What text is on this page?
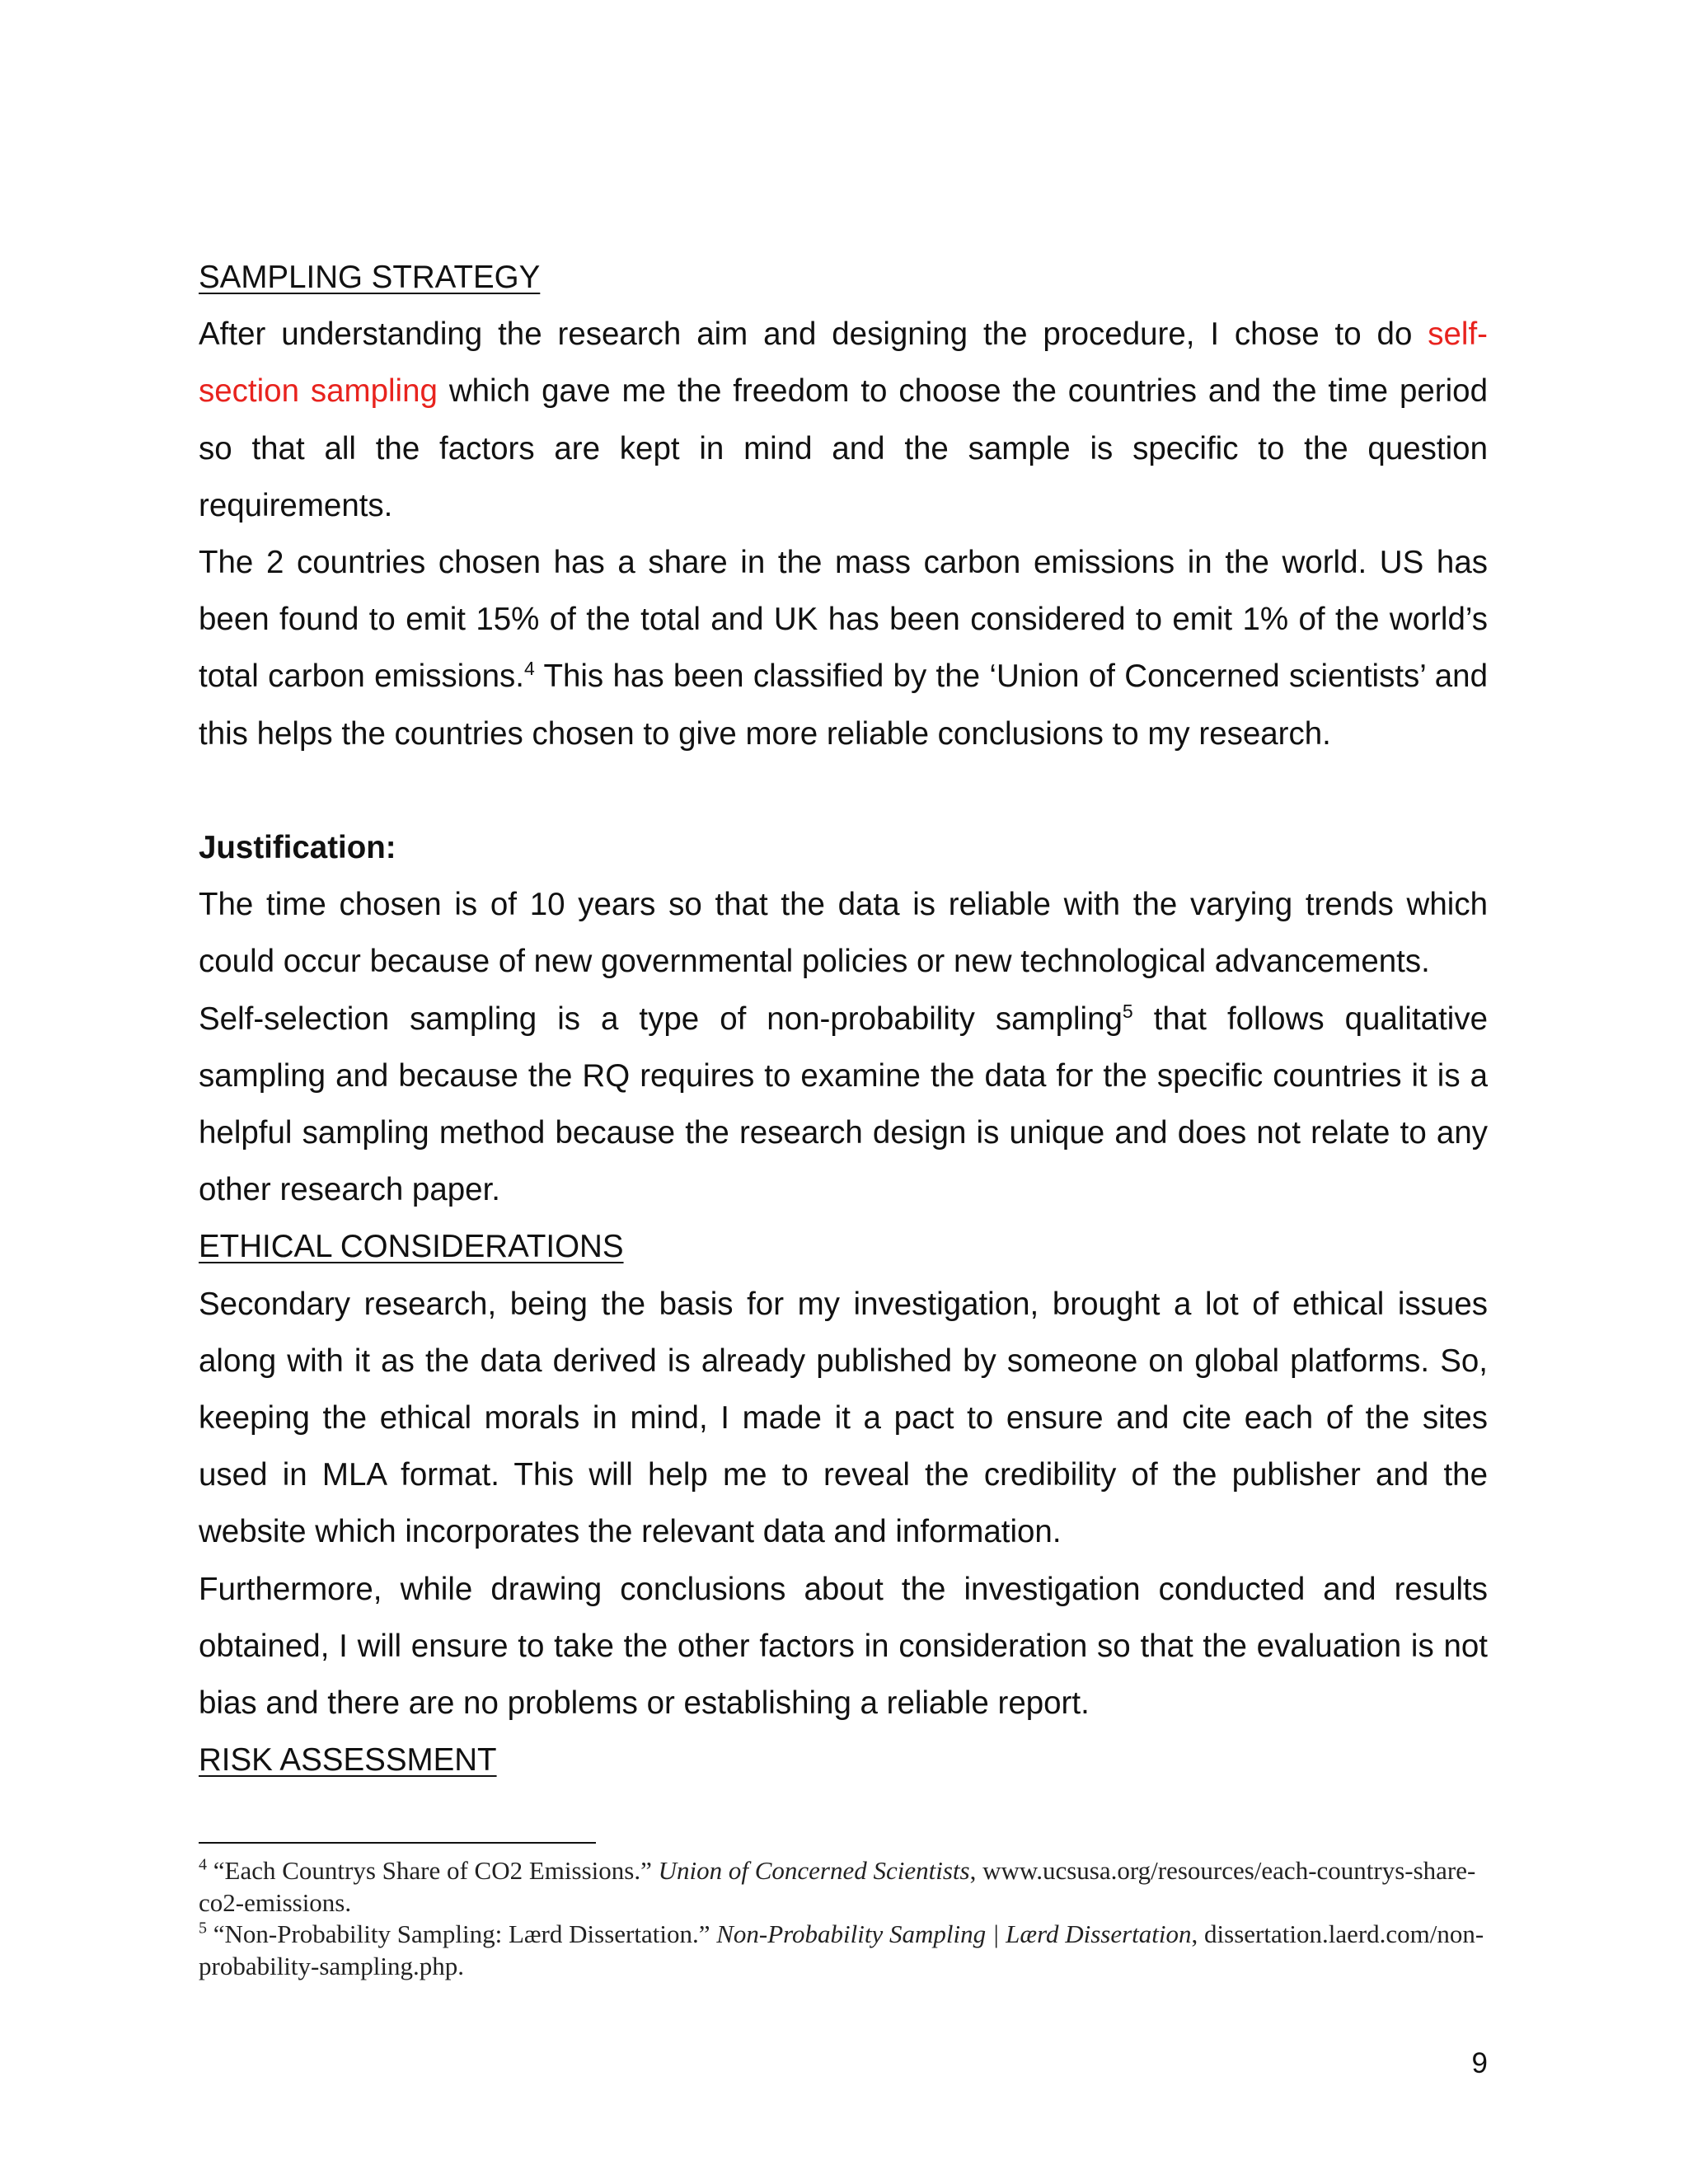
SAMPLING STRATEGY

After understanding the research aim and designing the procedure, I chose to do self-section sampling which gave me the freedom to choose the countries and the time period so that all the factors are kept in mind and the sample is specific to the question requirements.

The 2 countries chosen has a share in the mass carbon emissions in the world. US has been found to emit 15% of the total and UK has been considered to emit 1% of the world’s total carbon emissions.$^4$ This has been classified by the ‘Union of Concerned scientists’ and this helps the countries chosen to give more reliable conclusions to my research.

Justification:

The time chosen is of 10 years so that the data is reliable with the varying trends which could occur because of new governmental policies or new technological advancements.

Self-selection sampling is a type of non-probability sampling$^5$ that follows qualitative sampling and because the RQ requires to examine the data for the specific countries it is a helpful sampling method because the research design is unique and does not relate to any other research paper.

ETHICAL CONSIDERATIONS

Secondary research, being the basis for my investigation, brought a lot of ethical issues along with it as the data derived is already published by someone on global platforms. So, keeping the ethical morals in mind, I made it a pact to ensure and cite each of the sites used in MLA format. This will help me to reveal the credibility of the publisher and the website which incorporates the relevant data and information.

Furthermore, while drawing conclusions about the investigation conducted and results obtained, I will ensure to take the other factors in consideration so that the evaluation is not bias and there are no problems or establishing a reliable report.

RISK ASSESSMENT

$^4$ “Each Countrys Share of CO2 Emissions.” Union of Concerned Scientists, www.ucsusa.org/resources/each-countrys-share-co2-emissions.

$^5$ “Non-Probability Sampling: Lærd Dissertation.” Non-Probability Sampling | Lærd Dissertation, dissertation.laerd.com/non-probability-sampling.php.

9
